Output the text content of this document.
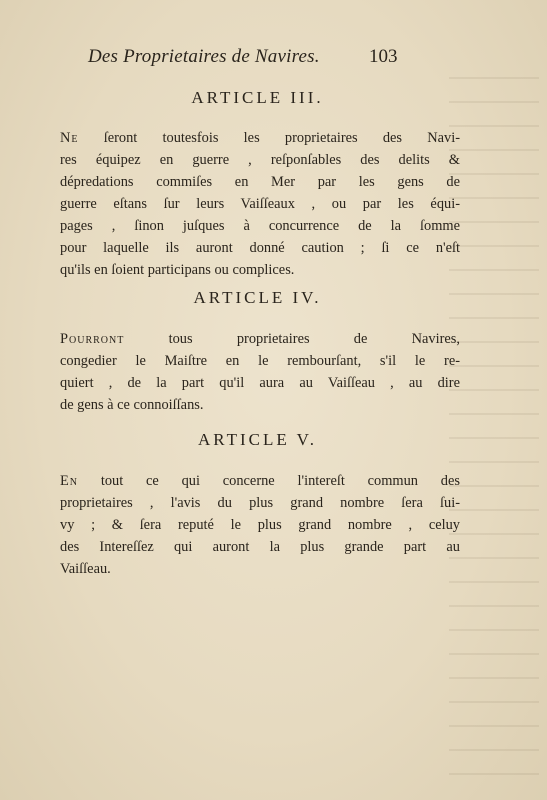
Des Proprietaires de Navires.	103
ARTICLE III.
Ne ſeront toutesfois les proprietaires des Navi-
res équipez en guerre , reſponſables des delits &
dépredations commiſes en Mer par les gens de
guerre eſtans ſur leurs Vaiſſeaux , ou par les équi-
pages , ſinon juſques à concurrence de la ſomme
pour laquelle ils auront donné caution ; ſi ce n'eſt
qu'ils en ſoient participans ou complices.
ARTICLE IV.
Pourront tous proprietaires de Navires,
congedier le Maiſtre en le rembourſant, s'il le re-
quiert , de la part qu'il aura au Vaiſſeau , au dire
de gens à ce connoiſſans.
ARTICLE V.
En tout ce qui concerne l'intereſt commun des
proprietaires , l'avis du plus grand nombre ſera ſui-
vy ; & ſera reputé le plus grand nombre , celuy
des Intereſſez qui auront la plus grande part au
Vaiſſeau.
